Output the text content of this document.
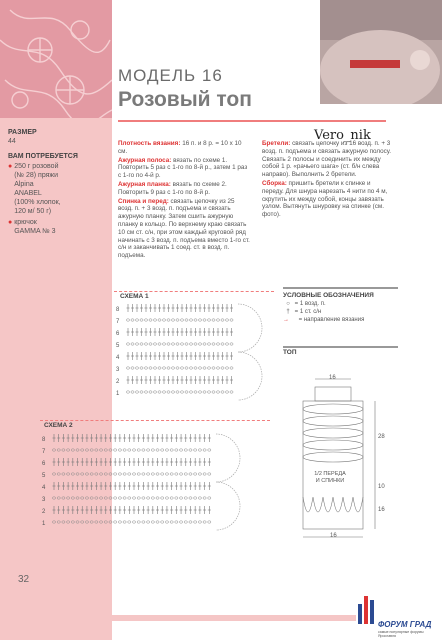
МОДЕЛЬ 16
Розовый топ
Vero_nik
РАЗМЕР
44
ВАМ ПОТРЕБУЕТСЯ
● 250 г розовой (№ 28) пряжи Alpina ANABEL (100% хлопок, 120 м/ 50 г)
● крючок GAMMA № 3

Плотность вязания: 16 п. и 8 р. = 10 х 10 см.

Ажурная полоса: вязать по схеме 1. Повторить 5 раз с 1-го по 8-й р., затем 1 раз с 1-го по 4-й р.

Ажурная планка: вязать по схеме 2. Повторить 9 раз с 1-го по 8-й р.

Спинка и перед: связать цепочку из 25 возд. п. + 3 возд. п. подъема и связать ажурную планку. Затем сшить ажурную планку в кольцо. По верхнему краю связать 10 см ст. с/н, при этом каждый круговой ряд начинать с 3 возд. п. подъема вместо 1-го ст. с/н и заканчивать 1 соед. ст. в возд. п. подъема.

Бретели: связать цепочку из 16 возд. п. + 3 возд. п. подъема и связать ажурную полосу. Связать 2 полосы и соединить их между собой 1 р. «рачьего шага» (ст. б/н слева направо). Выполнить 2 бретели.

Сборка: пришить бретели к спинке и переду. Для шнура нарезать 4 нити по 4 м, скрутить их между собой, концы завязать узлом. Вытянуть шнуровку на спинке (см. фото).

СХЕМА 1
8
7
6
5
4
3
2
1
УСЛОВНЫЕ ОБОЗНАЧЕНИЯ
○ = 1 возд. п.
† = 1 ст. с/н
→ = направление вязания
ТОП
16
28
10
16
16
1/2 ПЕРЕДА
И СПИНКИ
СХЕМА 2
8
7
6
5
4
3
2
1
32
ФОРУМ ГРАД
самые популярные форумы Ярославля
